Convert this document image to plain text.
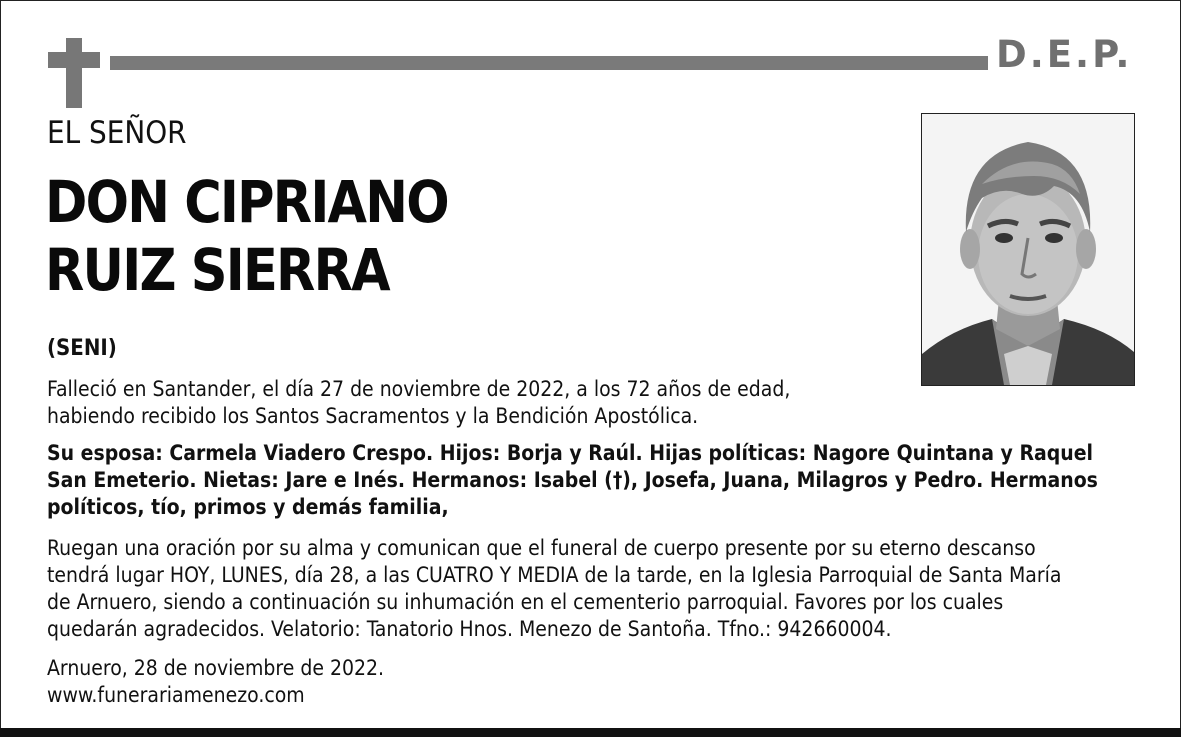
D.E.P.
EL SEÑOR
DON CIPRIANO
RUIZ SIERRA
(SENI)
Falleció en Santander, el día 27 de noviembre de 2022, a los 72 años de edad,
habiendo recibido los Santos Sacramentos y la Bendición Apostólica.
Su esposa: Carmela Viadero Crespo. Hijos: Borja y Raúl. Hijas políticas: Nagore Quintana y Raquel
San Emeterio. Nietas: Jare e Inés. Hermanos: Isabel (†), Josefa, Juana, Milagros y Pedro. Hermanos
políticos, tío, primos y demás familia,
Ruegan una oración por su alma y comunican que el funeral de cuerpo presente por su eterno descanso
tendrá lugar HOY, LUNES, día 28, a las CUATRO Y MEDIA de la tarde, en la Iglesia Parroquial de Santa María
de Arnuero, siendo a continuación su inhumación en el cementerio parroquial. Favores por los cuales
quedarán agradecidos. Velatorio: Tanatorio Hnos. Menezo de Santoña. Tfno.: 942660004.
Arnuero, 28 de noviembre de 2022.
www.funerariamenezo.com
